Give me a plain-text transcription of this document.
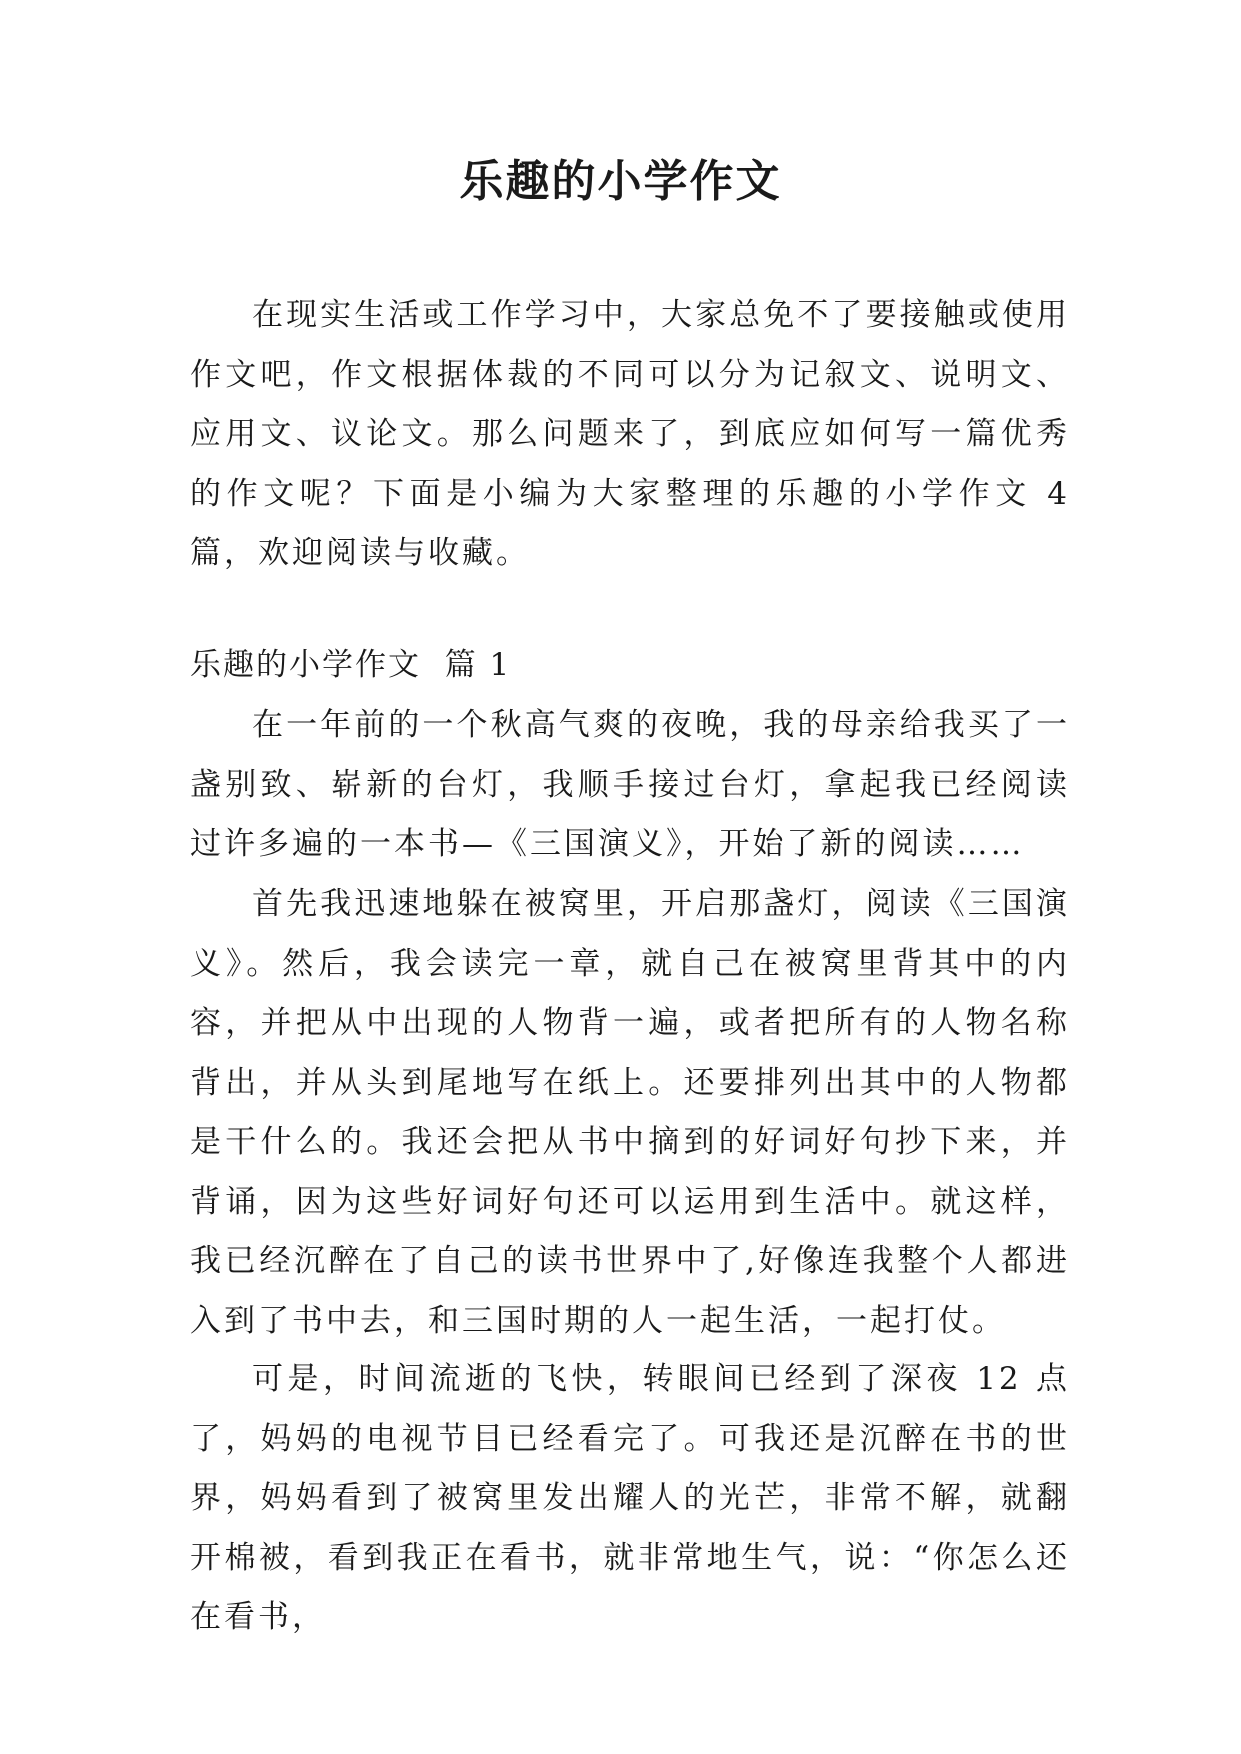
乐趣的小学作文

在现实生活或工作学习中，大家总免不了要接触或使用作文吧，作文根据体裁的不同可以分为记叙文、说明文、应用文、议论文。那么问题来了，到底应如何写一篇优秀的作文呢？下面是小编为大家整理的乐趣的小学作文 4 篇，欢迎阅读与收藏。

乐趣的小学作文  篇 1

在一年前的一个秋高气爽的夜晚，我的母亲给我买了一盏别致、崭新的台灯，我顺手接过台灯，拿起我已经阅读过许多遍的一本书—《三国演义》，开始了新的阅读……

首先我迅速地躲在被窝里，开启那盏灯，阅读《三国演义》。然后，我会读完一章，就自己在被窝里背其中的内容，并把从中出现的人物背一遍，或者把所有的人物名称背出，并从头到尾地写在纸上。还要排列出其中的人物都是干什么的。我还会把从书中摘到的好词好句抄下来，并背诵，因为这些好词好句还可以运用到生活中。就这样，我已经沉醉在了自己的读书世界中了,好像连我整个人都进入到了书中去，和三国时期的人一起生活，一起打仗。

可是，时间流逝的飞快，转眼间已经到了深夜 12 点了，妈妈的电视节目已经看完了。可我还是沉醉在书的世界，妈妈看到了被窝里发出耀人的光芒，非常不解，就翻开棉被，看到我正在看书，就非常地生气，说：“你怎么还在看书，
